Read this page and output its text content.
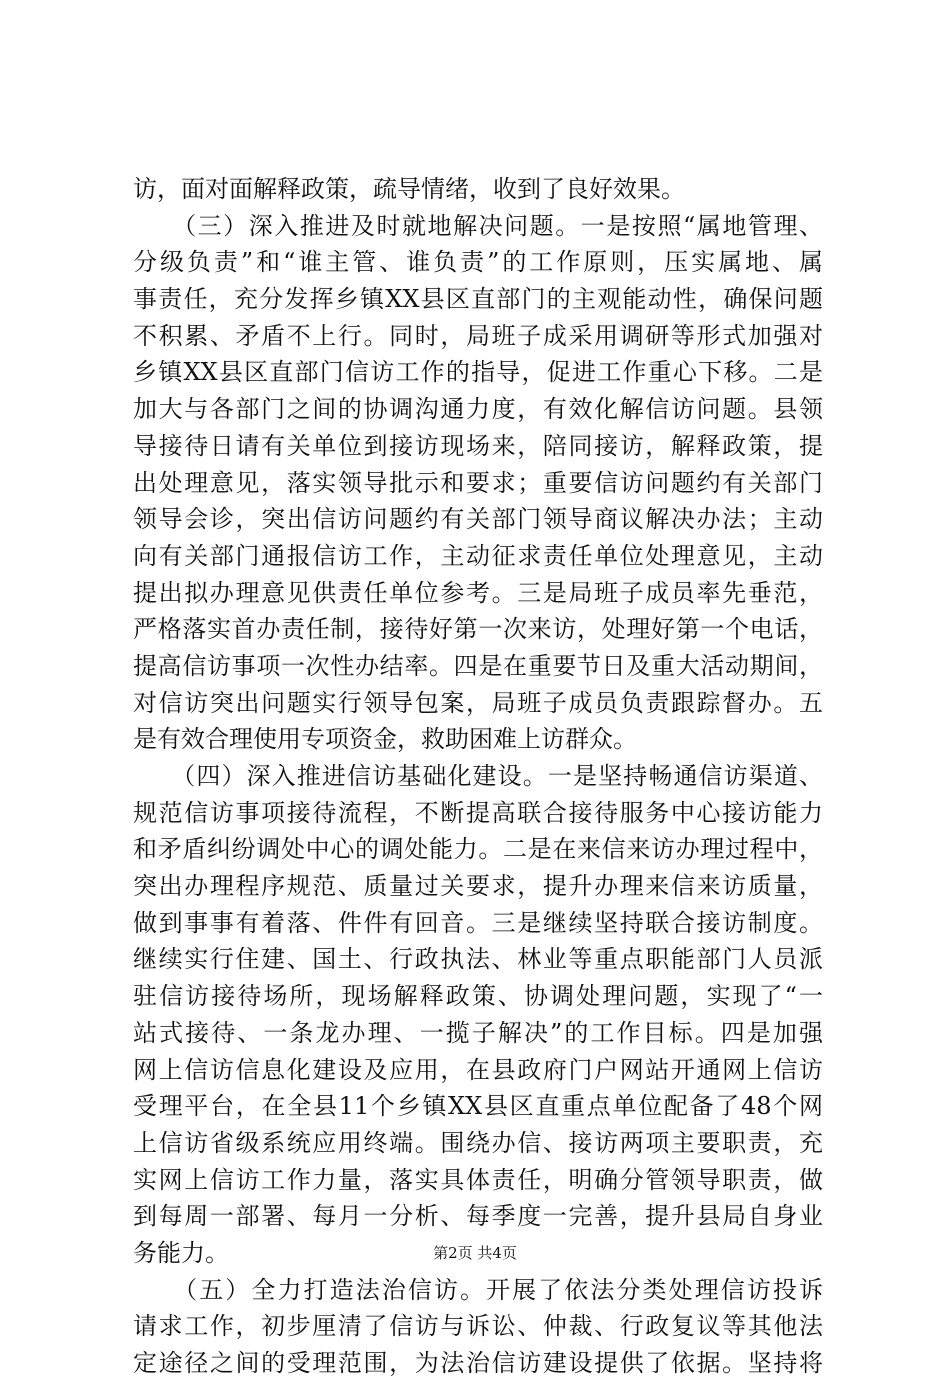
访，面对面解释政策，疏导情绪，收到了良好效果。
　　（三）深入推进及时就地解决问题。一是按照“属地管理、
分级负责”和“谁主管、谁负责”的工作原则，压实属地、属
事责任，充分发挥乡镇XX县区直部门的主观能动性，确保问题
不积累、矛盾不上行。同时，局班子成采用调研等形式加强对
乡镇XX县区直部门信访工作的指导，促进工作重心下移。二是
加大与各部门之间的协调沟通力度，有效化解信访问题。县领
导接待日请有关单位到接访现场来，陪同接访，解释政策，提
出处理意见，落实领导批示和要求；重要信访问题约有关部门
领导会诊，突出信访问题约有关部门领导商议解决办法；主动
向有关部门通报信访工作，主动征求责任单位处理意见，主动
提出拟办理意见供责任单位参考。三是局班子成员率先垂范，
严格落实首办责任制，接待好第一次来访，处理好第一个电话，
提高信访事项一次性办结率。四是在重要节日及重大活动期间，
对信访突出问题实行领导包案，局班子成员负责跟踪督办。五
是有效合理使用专项资金，救助困难上访群众。
　　（四）深入推进信访基础化建设。一是坚持畅通信访渠道、
规范信访事项接待流程，不断提高联合接待服务中心接访能力
和矛盾纠纷调处中心的调处能力。二是在来信来访办理过程中，
突出办理程序规范、质量过关要求，提升办理来信来访质量，
做到事事有着落、件件有回音。三是继续坚持联合接访制度。
继续实行住建、国土、行政执法、林业等重点职能部门人员派
驻信访接待场所，现场解释政策、协调处理问题，实现了“一
站式接待、一条龙办理、一揽子解决”的工作目标。四是加强
网上信访信息化建设及应用，在县政府门户网站开通网上信访
受理平台，在全县11个乡镇XX县区直重点单位配备了48个网
上信访省级系统应用终端。围绕办信、接访两项主要职责，充
实网上信访工作力量，落实具体责任，明确分管领导职责，做
到每周一部署、每月一分析、每季度一完善，提升县局自身业
务能力。
　　（五）全力打造法治信访。开展了依法分类处理信访投诉
请求工作，初步厘清了信访与诉讼、仲裁、行政复议等其他法
定途径之间的受理范围，为法治信访建设提供了依据。坚持将
第2页 共4页
